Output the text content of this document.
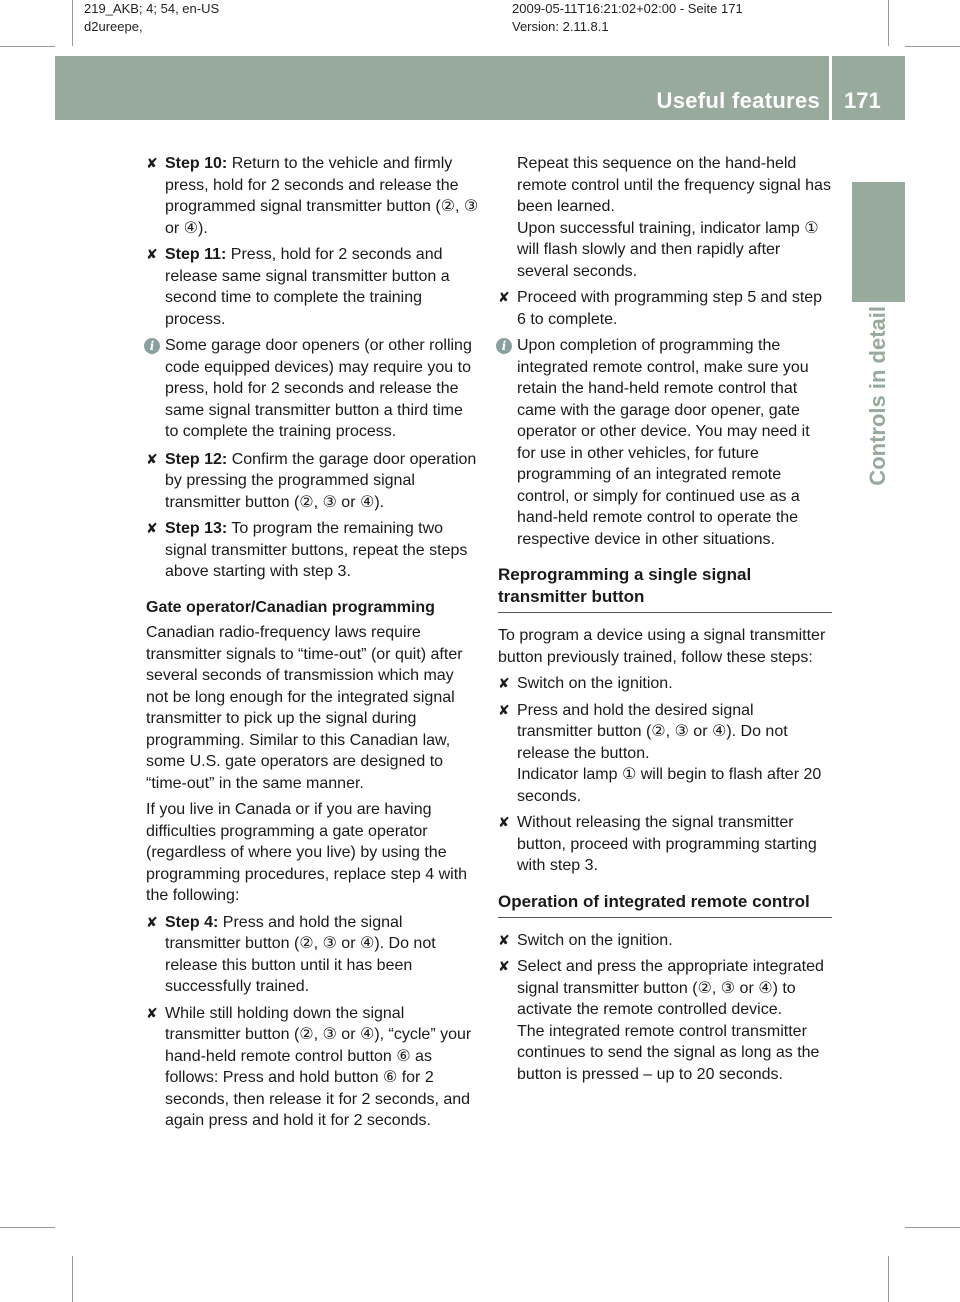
219_AKB; 4; 54, en-US
d2ureepe,
2009-05-11T16:21:02+02:00 - Seite 171
Version: 2.11.8.1
Useful features 171
Controls in detail
✘ Step 10: Return to the vehicle and firmly press, hold for 2 seconds and release the programmed signal transmitter button (②, ③ or ④).
✘ Step 11: Press, hold for 2 seconds and release same signal transmitter button a second time to complete the training process.
i Some garage door openers (or other rolling code equipped devices) may require you to press, hold for 2 seconds and release the same signal transmitter button a third time to complete the training process.
✘ Step 12: Confirm the garage door operation by pressing the programmed signal transmitter button (②, ③ or ④).
✘ Step 13: To program the remaining two signal transmitter buttons, repeat the steps above starting with step 3.
Gate operator/Canadian programming
Canadian radio-frequency laws require transmitter signals to “time-out” (or quit) after several seconds of transmission which may not be long enough for the integrated signal transmitter to pick up the signal during programming. Similar to this Canadian law, some U.S. gate operators are designed to “time-out” in the same manner.
If you live in Canada or if you are having difficulties programming a gate operator (regardless of where you live) by using the programming procedures, replace step 4 with the following:
✘ Step 4: Press and hold the signal transmitter button (②, ③ or ④). Do not release this button until it has been successfully trained.
✘ While still holding down the signal transmitter button (②, ③ or ④), “cycle” your hand-held remote control button ⑥ as follows: Press and hold button ⑥ for 2 seconds, then release it for 2 seconds, and again press and hold it for 2 seconds.
Repeat this sequence on the hand-held remote control until the frequency signal has been learned.
Upon successful training, indicator lamp ① will flash slowly and then rapidly after several seconds.
✘ Proceed with programming step 5 and step 6 to complete.
i Upon completion of programming the integrated remote control, make sure you retain the hand-held remote control that came with the garage door opener, gate operator or other device. You may need it for use in other vehicles, for future programming of an integrated remote control, or simply for continued use as a hand-held remote control to operate the respective device in other situations.
Reprogramming a single signal transmitter button
To program a device using a signal transmitter button previously trained, follow these steps:
✘ Switch on the ignition.
✘ Press and hold the desired signal transmitter button (②, ③ or ④). Do not release the button.
Indicator lamp ① will begin to flash after 20 seconds.
✘ Without releasing the signal transmitter button, proceed with programming starting with step 3.
Operation of integrated remote control
✘ Switch on the ignition.
✘ Select and press the appropriate integrated signal transmitter button (②, ③ or ④) to activate the remote controlled device.
The integrated remote control transmitter continues to send the signal as long as the button is pressed – up to 20 seconds.
